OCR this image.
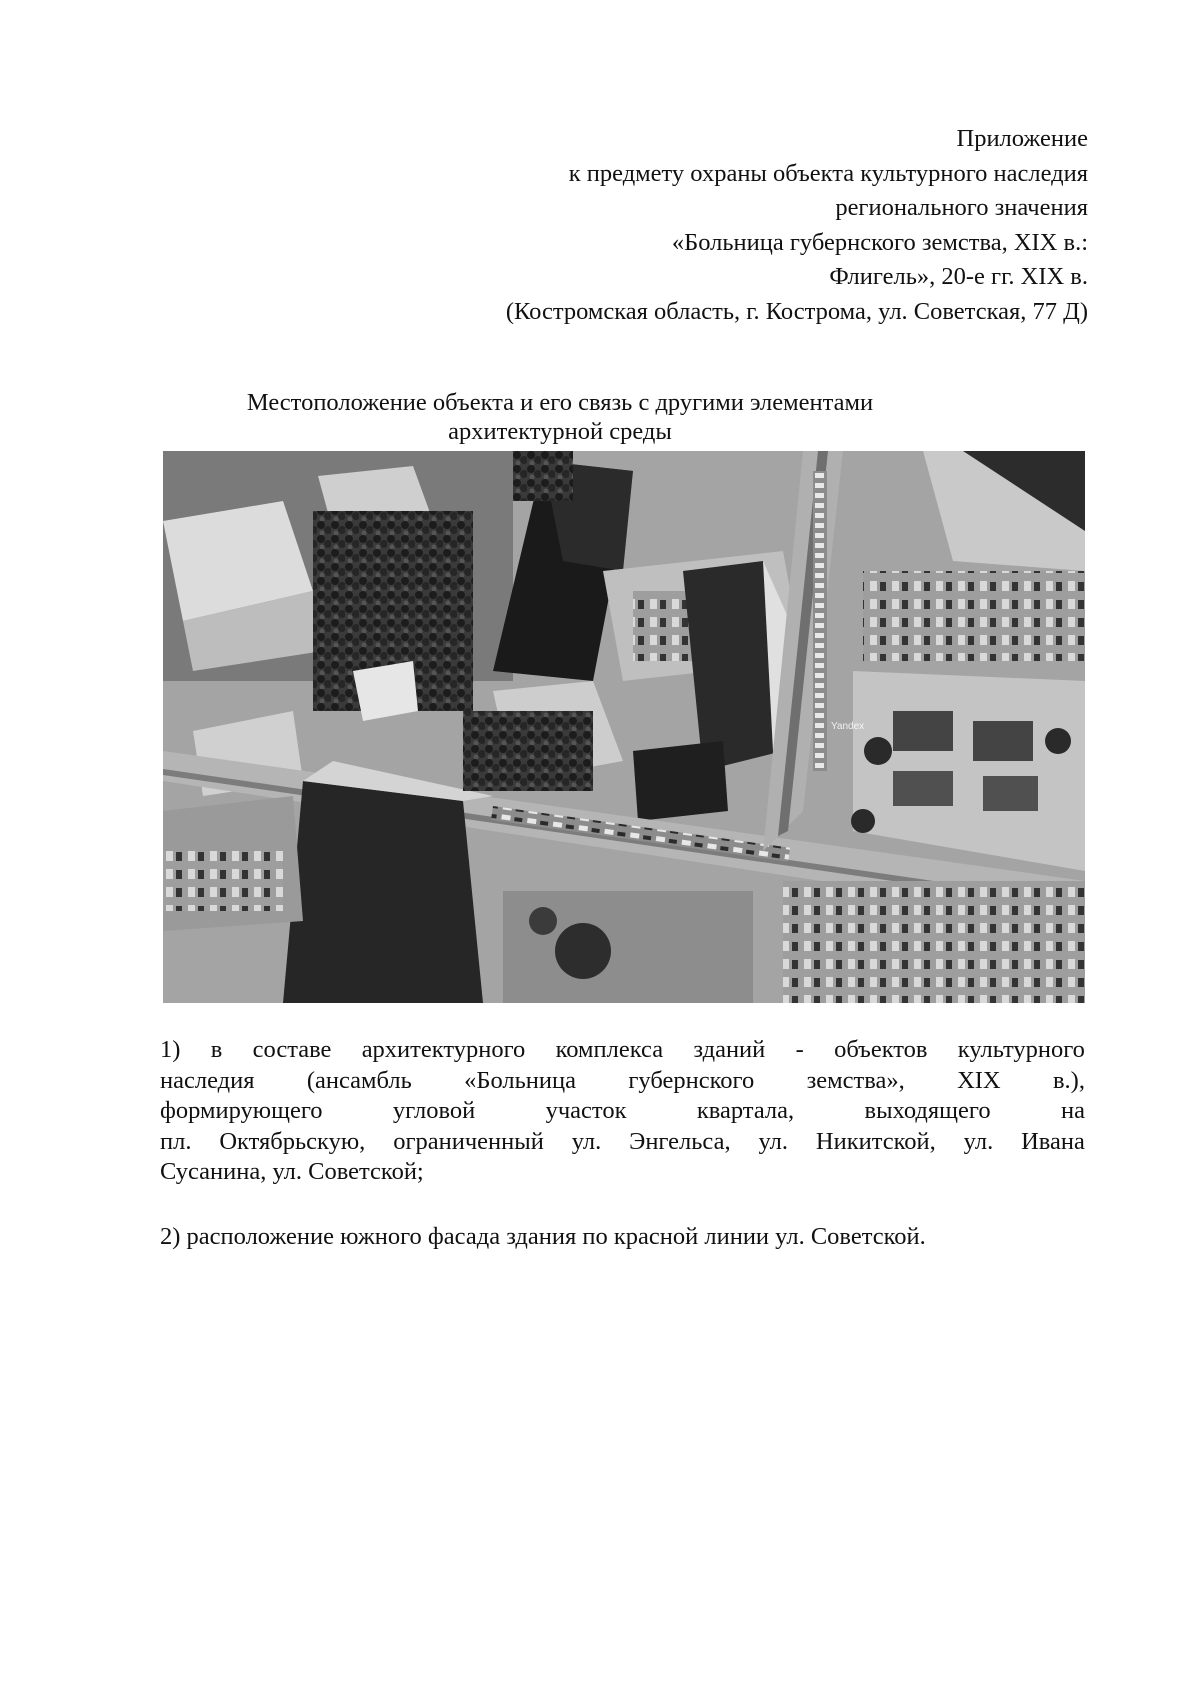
Приложение
к предмету охраны объекта культурного наследия
регионального значения
«Больница губернского земства, XIX в.:
Флигель», 20-е гг. XIX в.
(Костромская область, г. Кострома, ул. Советская, 77 Д)
Местоположение объекта и его связь с другими элементами
архитектурной среды
Yandex
1) в составе архитектурного комплекса зданий - объектов культурного
наследия (ансамбль «Больница губернского земства», XIX в.),
формирующего	угловой	участок	квартала,	выходящего	на
пл. Октябрьскую, ограниченный ул. Энгельса, ул. Никитской, ул. Ивана
Сусанина, ул. Советской;
2) расположение южного фасада здания по красной линии ул. Советской.
